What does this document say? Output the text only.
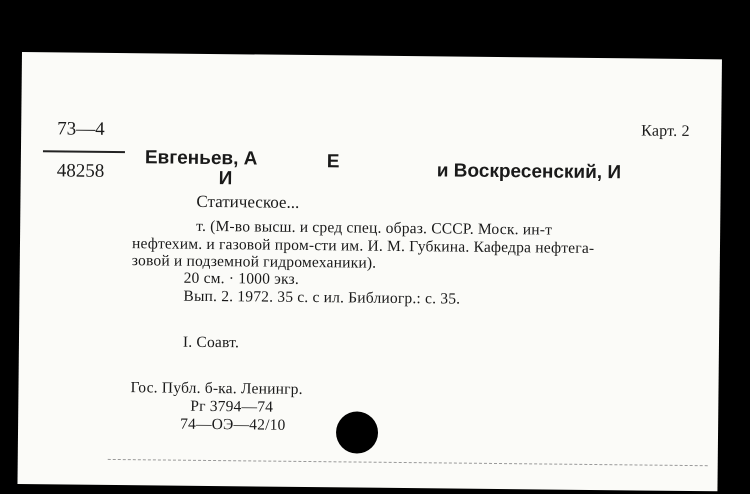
73—4
48258
Карт. 2
Евгеньев, А	Е	и Воскресенский, И
И
Статическое...
т. (М-во высш. и сред спец. образ. СССР. Моск. ин-т
нефтехим. и газовой пром-сти им. И. М. Губкина. Кафедра нефтега-
зовой и подземной гидромеханики).
20 см. · 1000 экз.
Вып. 2. 1972. 35 с. с ил. Библиогр.: с. 35.
I. Соавт.
Гос. Публ. б-ка. Ленингр.
Рг 3794—74
74—ОЭ—42/10
